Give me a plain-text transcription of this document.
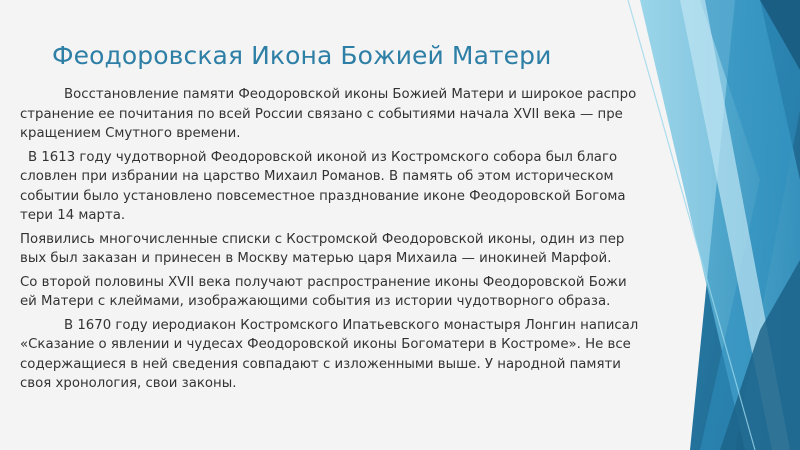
Феодоровская Икона Божией Матери

Восстановление памяти Феодоровской иконы Божией Матери и широкое распро
странение ее почитания по всей России связано с событиями начала XVII века — пре
кращением Смутного времени.

В 1613 году чудотворной Феодоровской иконой из Костромского собора был благо
словлен при избрании на царство Михаил Романов. В память об этом историческом
событии было установлено повсеместное празднование иконе Феодоровской Богома
тери 14 марта.

Появились многочисленные списки с Костромской Феодоровской иконы, один из пер
вых был заказан и принесен в Москву матерью царя Михаила — инокиней Марфой.

Со второй половины XVII века получают распространение иконы Феодоровской Божи
ей Матери с клеймами, изображающими события из истории чудотворного образа.

В 1670 году иеродиакон Костромского Ипатьевского монастыря Лонгин написал
«Сказание о явлении и чудесах Феодоровской иконы Богоматери в Костроме». Не все
содержащиеся в ней сведения совпадают с изложенными выше. У народной памяти
своя хронология, свои законы.
